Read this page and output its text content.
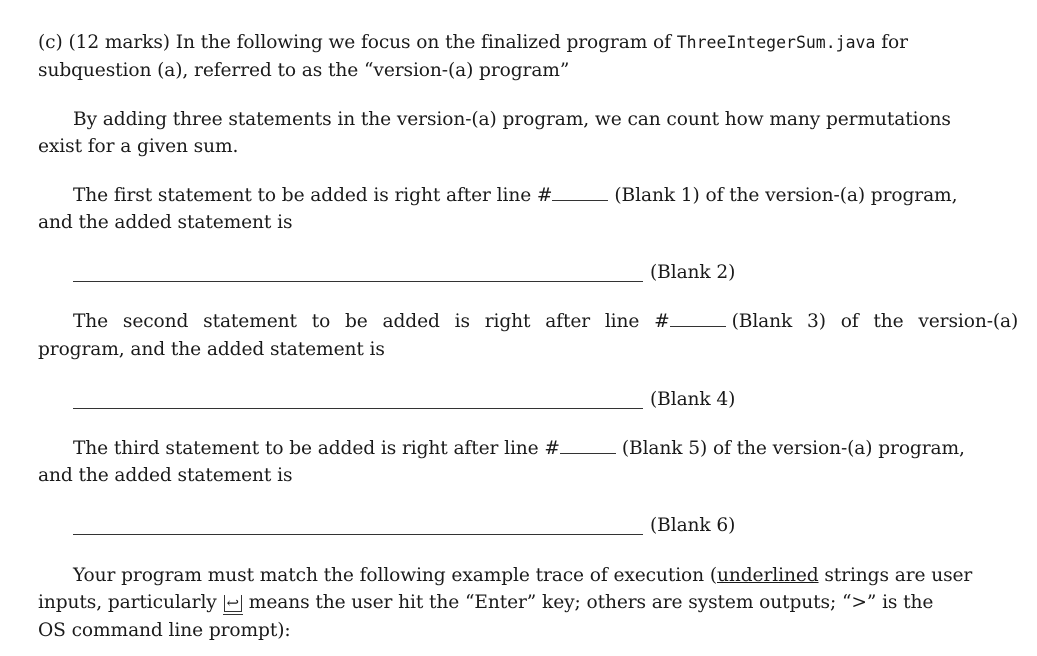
(c) (12 marks) In the following we focus on the finalized program of ThreeIntegerSum.java for
subquestion (a), referred to as the “version-(a) program”
By adding three statements in the version-(a) program, we can count how many permutations
exist for a given sum.
The first statement to be added is right after line #	(Blank 1) of the version-(a) program,
and the added statement is
(Blank 2)
The second statement to be added is right after line #	(Blank 3) of the version-(a)
program, and the added statement is
(Blank 4)
The third statement to be added is right after line #	(Blank 5) of the version-(a) program,
and the added statement is
(Blank 6)
Your program must match the following example trace of execution (underlined strings are user
inputs, particularly ↩ means the user hit the “Enter” key; others are system outputs; “>” is the
OS command line prompt):
